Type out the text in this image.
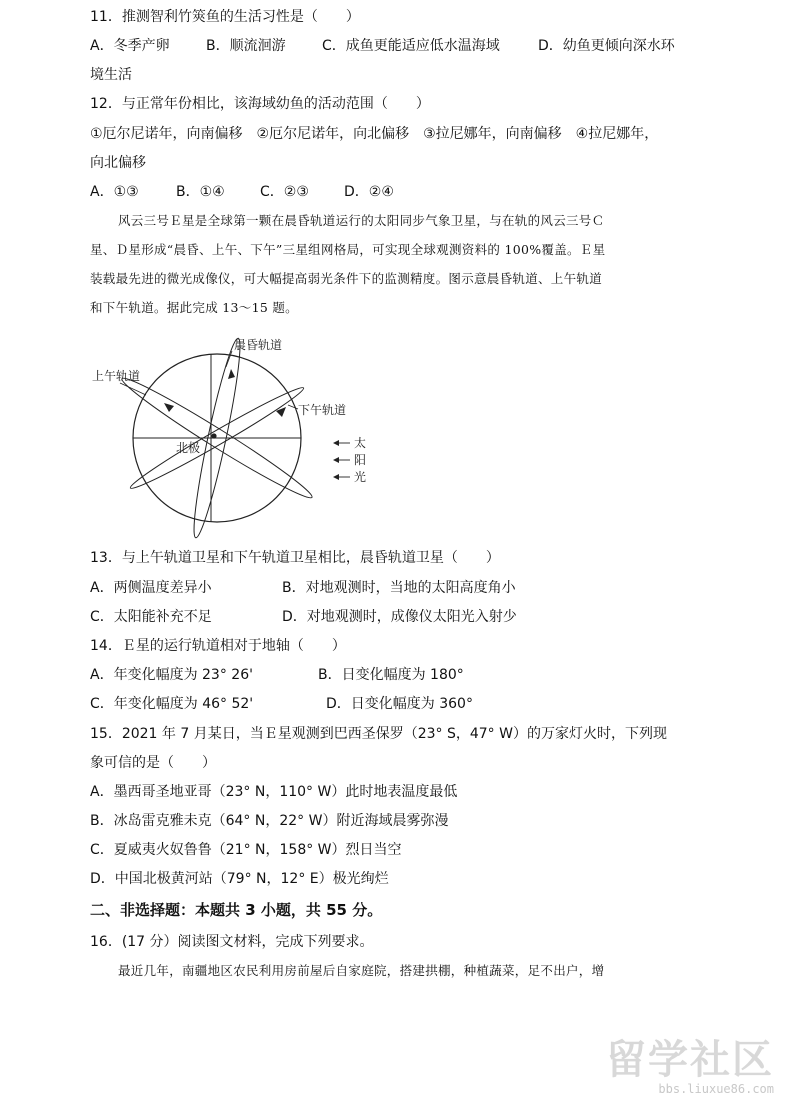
11．推测智利竹筴鱼的生活习性是（　　）
A．冬季产卵	B．顺流洄游	C．成鱼更能适应低水温海域	D．幼鱼更倾向深水环
境生活
12．与正常年份相比，该海域幼鱼的活动范围（　　）
①厄尔尼诺年，向南偏移　②厄尔尼诺年，向北偏移　③拉尼娜年，向南偏移　④拉尼娜年，
向北偏移
A．①③	B．①④	C．②③	D．②④
风云三号Ｅ星是全球第一颗在晨昏轨道运行的太阳同步气象卫星，与在轨的风云三号Ｃ
星、Ｄ星形成“晨昏、上午、下午”三星组网格局，可实现全球观测资料的 100%覆盖。Ｅ星
装载最先进的微光成像仪，可大幅提高弱光条件下的监测精度。图示意晨昏轨道、上午轨道
和下午轨道。据此完成 13～15 题。
晨昏轨道
上午轨道
下午轨道
北极	太
阳
光
13．与上午轨道卫星和下午轨道卫星相比，晨昏轨道卫星（　　）
A．两侧温度差异小	B．对地观测时，当地的太阳高度角小
C．太阳能补充不足	D．对地观测时，成像仪太阳光入射少
14．Ｅ星的运行轨道相对于地轴（　　）
A．年变化幅度为 23° 26'	B．日变化幅度为 180°
C．年变化幅度为 46° 52'	D．日变化幅度为 360°
15．2021 年 7 月某日，当Ｅ星观测到巴西圣保罗（23° S，47° W）的万家灯火时，下列现
象可信的是（　　）
A．墨西哥圣地亚哥（23° N，110° W）此时地表温度最低
B．冰岛雷克雅未克（64° N，22° W）附近海域晨雾弥漫
C．夏威夷火奴鲁鲁（21° N，158° W）烈日当空
D．中国北极黄河站（79° N，12° E）极光绚烂
二、非选择题：本题共 3 小题，共 55 分。
16．(17 分）阅读图文材料，完成下列要求。
最近几年，南疆地区农民利用房前屋后自家庭院，搭建拱棚，种植蔬菜，足不出户，增
留学社区
bbs.liuxue86.com
